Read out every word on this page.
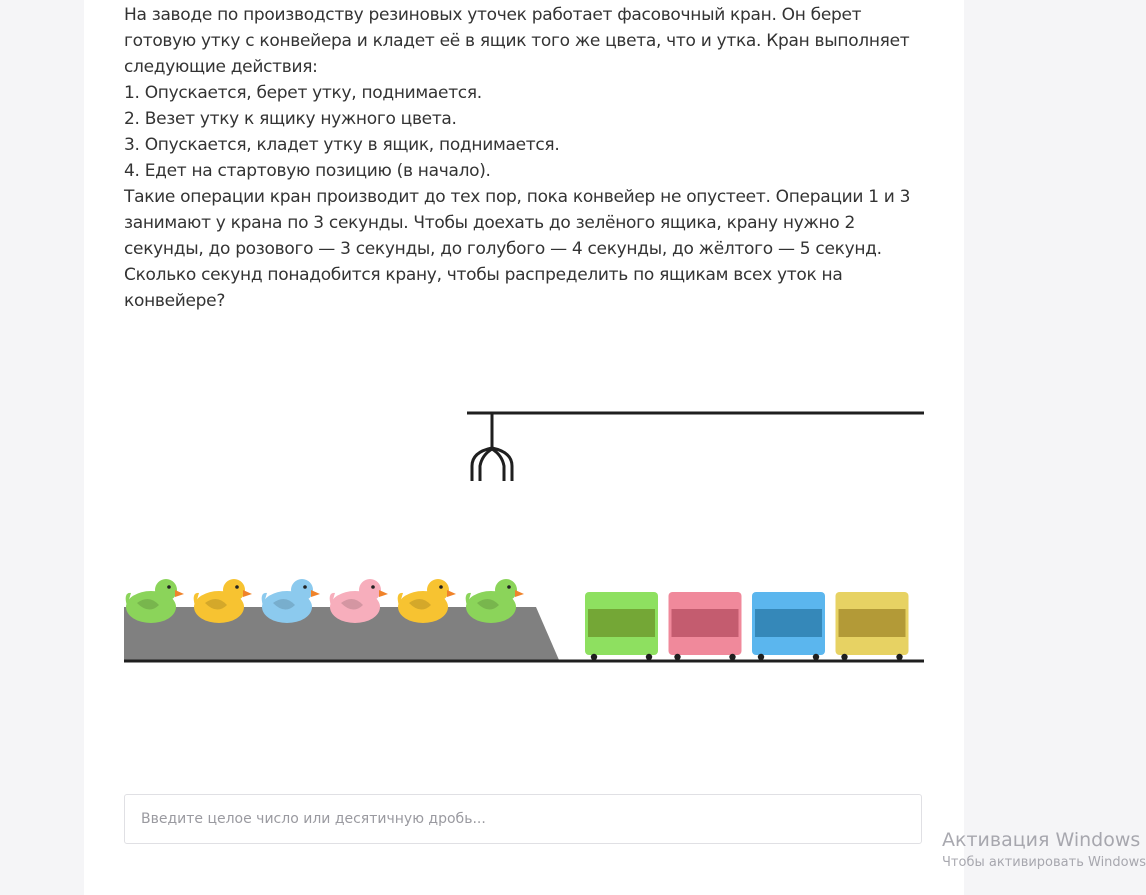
На заводе по производству резиновых уточек работает фасовочный кран. Он берет готовую утку с конвейера и кладет её в ящик того же цвета, что и утка. Кран выполняет следующие действия:

1. Опускается, берет утку, поднимается.

2. Везет утку к ящику нужного цвета.

3. Опускается, кладет утку в ящик, поднимается.

4. Едет на стартовую позицию (в начало).

Такие операции кран производит до тех пор, пока конвейер не опустеет. Операции 1 и 3 занимают у крана по 3 секунды. Чтобы доехать до зелёного ящика, крану нужно 2 секунды, до розового — 3 секунды, до голубого — 4 секунды, до жёлтого — 5 секунд. Сколько секунд понадобится крану, чтобы распределить по ящикам всех уток на конвейере?

Введите целое число или десятичную дробь...
Активация Windows
Чтобы активировать Windows
